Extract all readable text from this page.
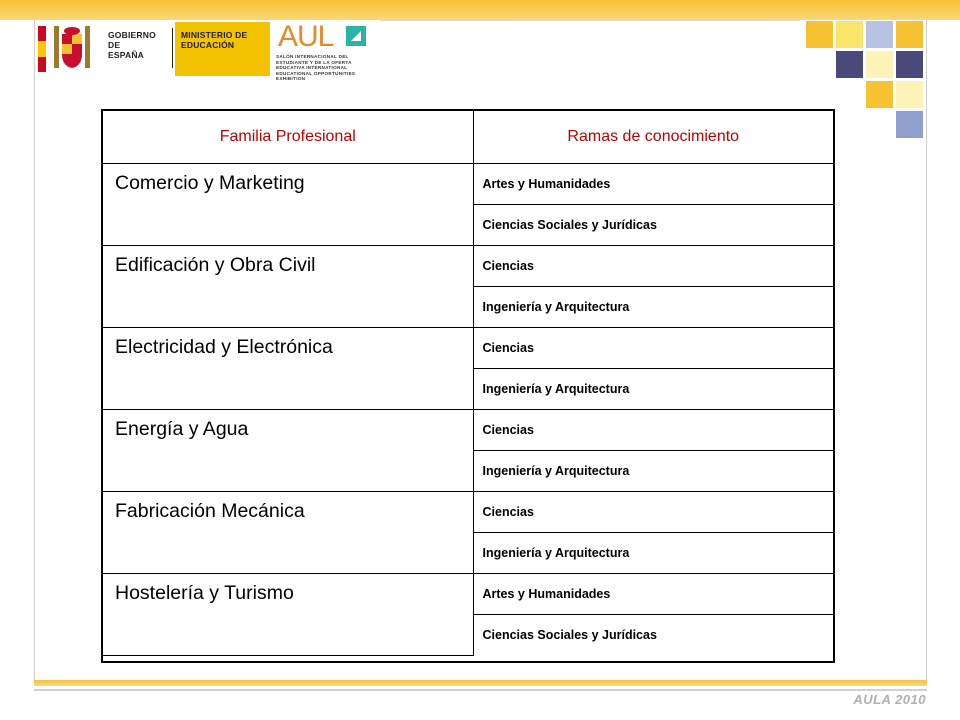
GOBIERNO DE ESPAÑA
MINISTERIO DE EDUCACIÓN	AUL
SALÓN INTERNACIONAL DEL ESTUDIANTE Y DE LA OFERTA EDUCATIVA INTERNATIONAL EDUCATIONAL OPPORTUNITIES EXHIBITION
Familia Profesional	Ramas de conocimiento
Comercio y Marketing	Artes y Humanidades
	Ciencias Sociales y Jurídicas
Edificación y Obra Civil	Ciencias
	Ingeniería y Arquitectura
Electricidad y Electrónica	Ciencias
	Ingeniería y Arquitectura
Energía y Agua	Ciencias
	Ingeniería y Arquitectura
Fabricación Mecánica	Ciencias
	Ingeniería y Arquitectura
Hostelería y Turismo	Artes y Humanidades
	Ciencias Sociales y Jurídicas
AULA 2010
